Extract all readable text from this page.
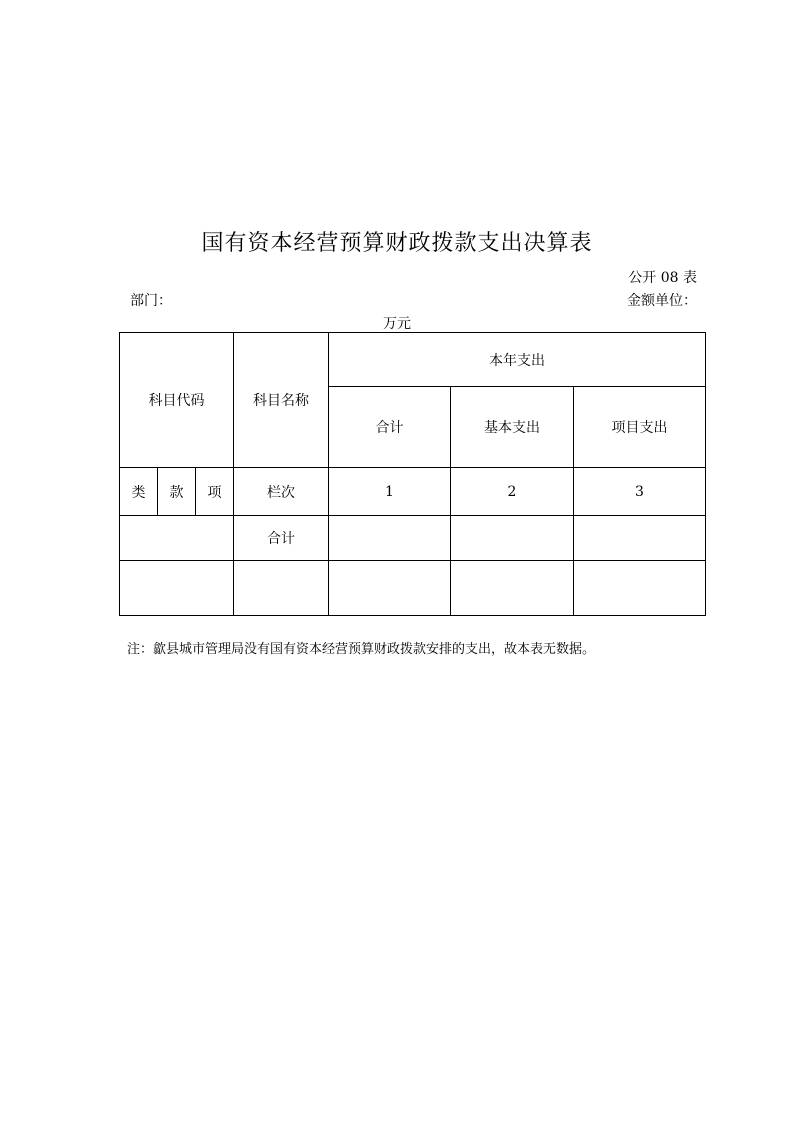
国有资本经营预算财政拨款支出决算表
公开 08 表
部门：	金额单位：
万元
科目代码			科目名称	本年支出		
				合计	基本支出	项目支出
类	款	项	栏次	1	2	3
			合计			

注：歙县城市管理局没有国有资本经营预算财政拨款安排的支出，故本表无数据。
